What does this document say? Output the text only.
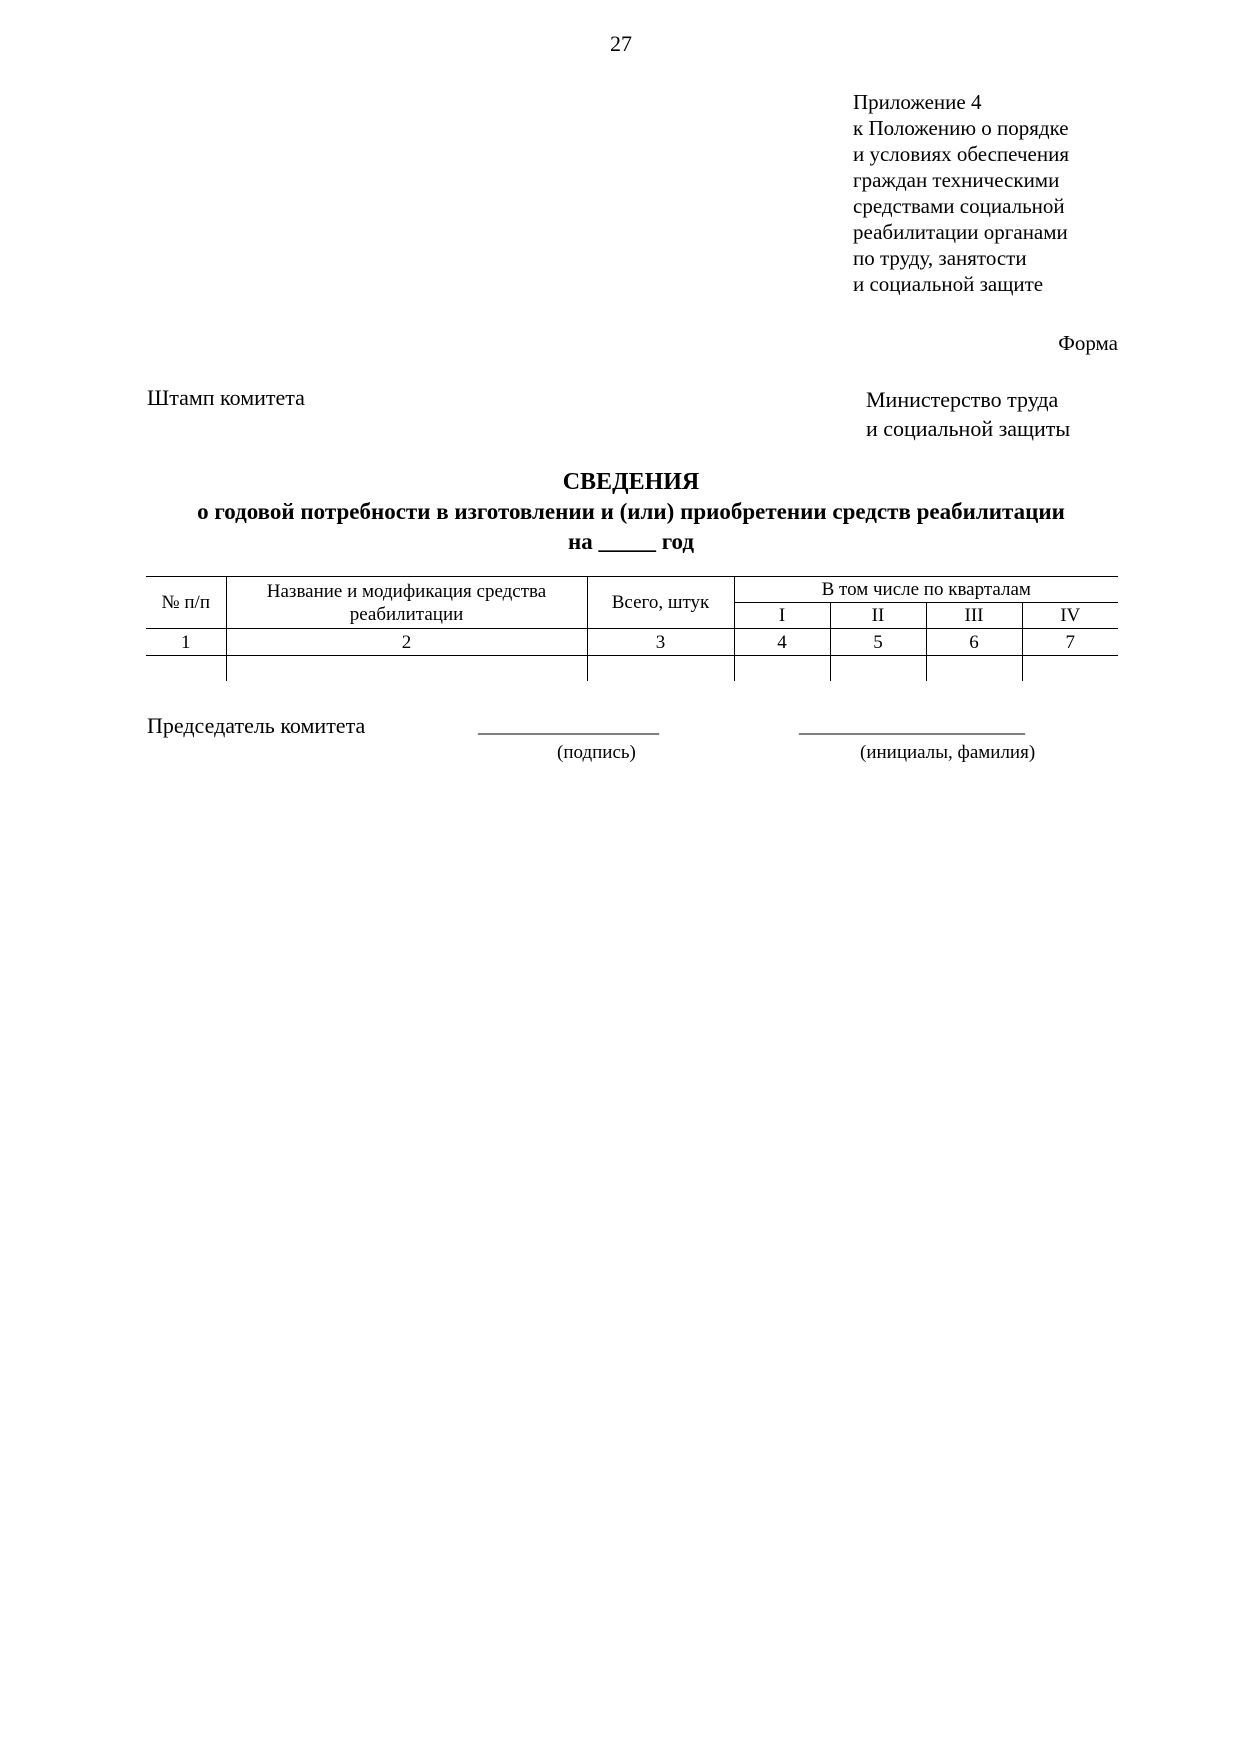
27
Приложение 4
к Положению о порядке
и условиях обеспечения
граждан техническими
средствами социальной
реабилитации органами
по труду, занятости
и социальной защите
Форма
Штамп комитета	Министерство труда
и социальной защиты
СВЕДЕНИЯ
о годовой потребности в изготовлении и (или) приобретении средств реабилитации
на _____ год
№ п/п	Название и модификация средства реабилитации	Всего, штук	В том числе по кварталам			
			I	II	III	IV
1	2	3	4	5	6	7

Председатель комитета	____________________	_________________________
(подпись)	(инициалы, фамилия)
